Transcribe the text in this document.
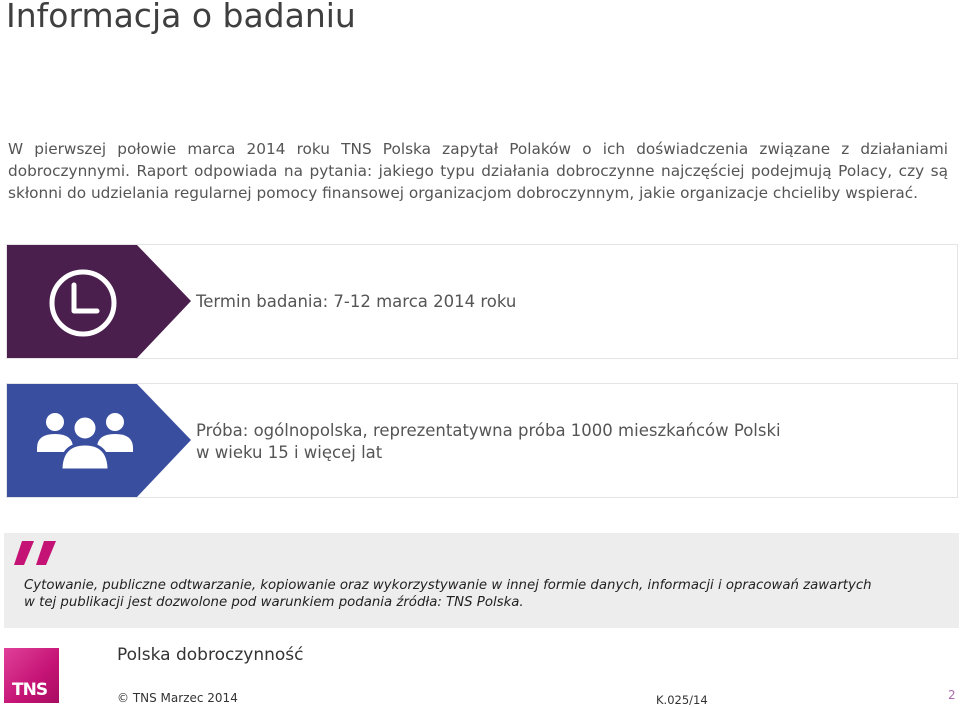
Informacja o badaniu
W pierwszej połowie marca 2014 roku TNS Polska zapytał Polaków o ich doświadczenia związane z działaniami dobroczynnymi. Raport odpowiada na pytania: jakiego typu działania dobroczynne najczęściej podejmują Polacy, czy są skłonni do udzielania regularnej pomocy finansowej organizacjom dobroczynnym, jakie organizacje chcieliby wspierać.
Termin badania: 7-12 marca 2014 roku
Próba: ogólnopolska, reprezentatywna próba 1000 mieszkańców Polski
w wieku 15 i więcej lat
Cytowanie, publiczne odtwarzanie, kopiowanie oraz wykorzystywanie w innej formie danych, informacji i opracowań zawartych
w tej publikacji jest dozwolone pod warunkiem podania źródła: TNS Polska.
TNS
Polska dobroczynność
© TNS Marzec 2014	K.025/14	2
